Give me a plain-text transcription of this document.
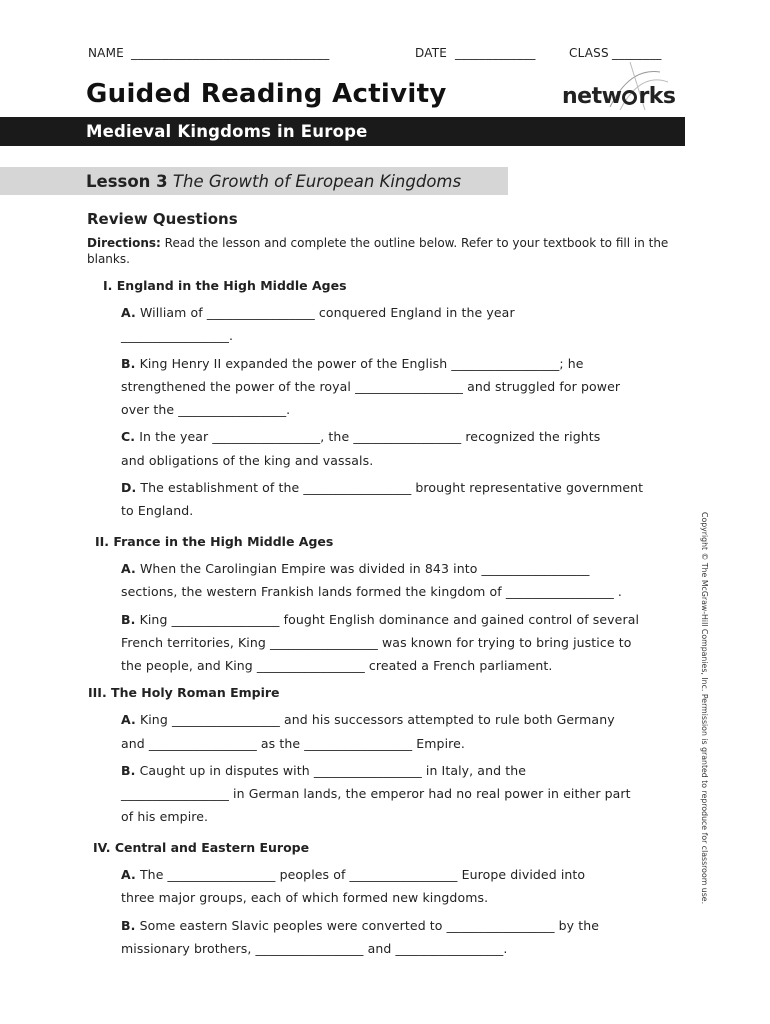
NAME ________________________________	DATE _____________	CLASS ________
Guided Reading Activity	netw rks
Medieval Kingdoms in Europe
Lesson 3 The Growth of European Kingdoms
Review Questions
Directions: Read the lesson and complete the outline below. Refer to your textbook to fill in the blanks.
I. England in the High Middle Ages
A. William of _________________ conquered England in the year
_________________.
B. King Henry II expanded the power of the English _________________; he
strengthened the power of the royal _________________ and struggled for power
over the _________________.
C. In the year _________________, the _________________ recognized the rights
and obligations of the king and vassals.
D. The establishment of the _________________ brought representative government
to England.
II. France in the High Middle Ages
A. When the Carolingian Empire was divided in 843 into _________________
sections, the western Frankish lands formed the kingdom of _________________ .
B. King _________________ fought English dominance and gained control of several
French territories, King _________________ was known for trying to bring justice to
the people, and King _________________ created a French parliament.
III. The Holy Roman Empire
A. King _________________ and his successors attempted to rule both Germany
and _________________ as the _________________ Empire.
B. Caught up in disputes with _________________ in Italy, and the
_________________ in German lands, the emperor had no real power in either part
of his empire.
IV. Central and Eastern Europe
A. The _________________ peoples of _________________ Europe divided into
three major groups, each of which formed new kingdoms.
B. Some eastern Slavic peoples were converted to _________________ by the
missionary brothers, _________________ and _________________.
Copyright © The McGraw-Hill Companies, Inc. Permission is granted to reproduce for classroom use.
